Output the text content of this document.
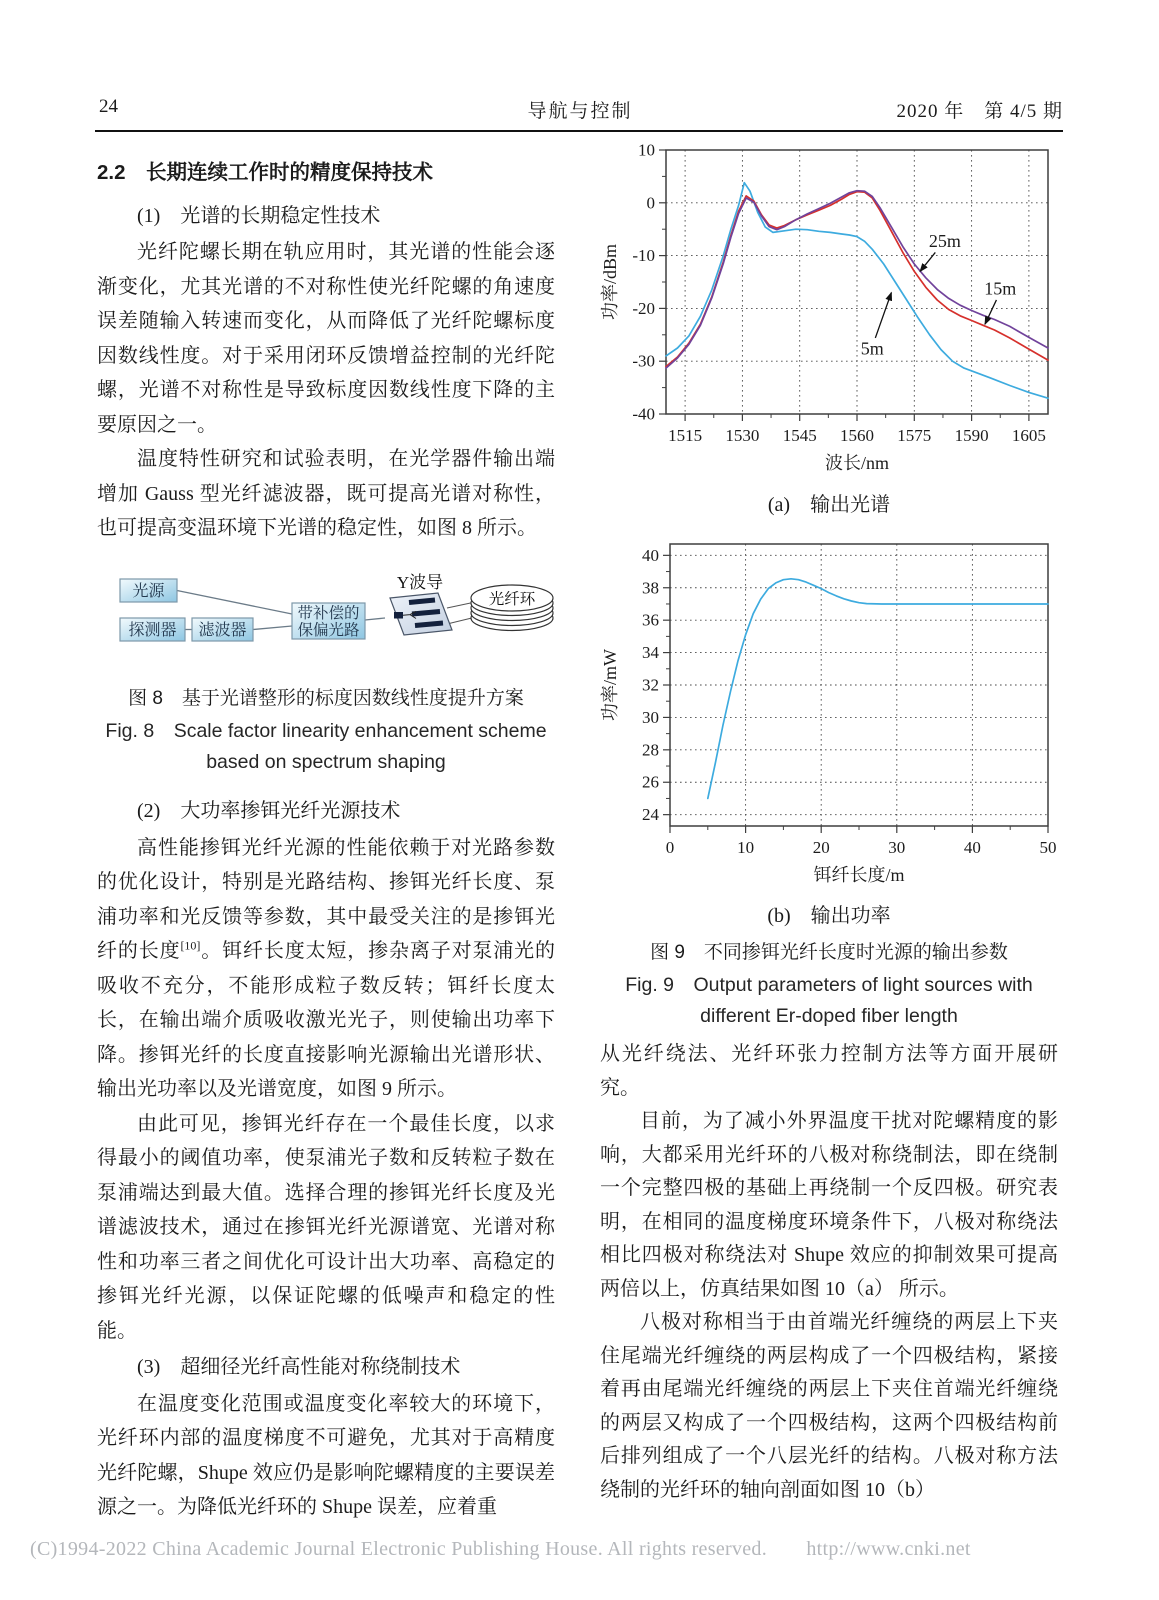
24	导航与控制	2020 年　第 4/5 期

2.2　长期连续工作时的精度保持技术

(1)　光谱的长期稳定性技术

光纤陀螺长期在轨应用时，其光谱的性能会逐渐变化，尤其光谱的不对称性使光纤陀螺的角速度误差随输入转速而变化，从而降低了光纤陀螺标度因数线性度。对于采用闭环反馈增益控制的光纤陀螺，光谱不对称性是导致标度因数线性度下降的主要原因之一。

温度特性研究和试验表明，在光学器件输出端增加 Gauss 型光纤滤波器，既可提高光谱对称性，也可提高变温环境下光谱的稳定性，如图 8 所示。

光源
探测器 滤波器
带补偿的
保偏光路
Y波导
光纤环

图 8　基于光谱整形的标度因数线性度提升方案

Fig. 8　Scale factor linearity enhancement scheme

based on spectrum shaping

(2)　大功率掺铒光纤光源技术

高性能掺铒光纤光源的性能依赖于对光路参数的优化设计，特别是光路结构、掺铒光纤长度、泵浦功率和光反馈等参数，其中最受关注的是掺铒光纤的长度[10]。铒纤长度太短，掺杂离子对泵浦光的吸收不充分，不能形成粒子数反转；铒纤长度太长，在输出端介质吸收激光光子，则使输出功率下降。掺铒光纤的长度直接影响光源输出光谱形状、输出光功率以及光谱宽度，如图 9 所示。

由此可见，掺铒光纤存在一个最佳长度，以求得最小的阈值功率，使泵浦光子数和反转粒子数在泵浦端达到最大值。选择合理的掺铒光纤长度及光谱滤波技术，通过在掺铒光纤光源谱宽、光谱对称性和功率三者之间优化可设计出大功率、高稳定的掺铒光纤光源，以保证陀螺的低噪声和稳定的性能。

(3)　超细径光纤高性能对称绕制技术

在温度变化范围或温度变化率较大的环境下，光纤环内部的温度梯度不可避免，尤其对于高精度光纤陀螺，Shupe 效应仍是影响陀螺精度的主要误差源之一。为降低光纤环的 Shupe 误差，应着重

1515 1530 1545 1560 1575 1590 1605
-40
-30
-20
-10
0
10
波长/nm
功率/dBm
25m
15m
5m

(a)　输出光谱

0	10	20	30	40	50
24
26
28
30
32
34
36
38
40
铒纤长度/m
功率/mW

(b)　输出功率

图 9　不同掺铒光纤长度时光源的输出参数

Fig. 9　Output parameters of light sources with

different Er-doped fiber length

从光纤绕法、光纤环张力控制方法等方面开展研究。

目前，为了减小外界温度干扰对陀螺精度的影响，大都采用光纤环的八极对称绕制法，即在绕制一个完整四极的基础上再绕制一个反四极。研究表明，在相同的温度梯度环境条件下，八极对称绕法相比四极对称绕法对 Shupe 效应的抑制效果可提高两倍以上，仿真结果如图 10（a） 所示。

八极对称相当于由首端光纤缠绕的两层上下夹住尾端光纤缠绕的两层构成了一个四极结构，紧接着再由尾端光纤缠绕的两层上下夹住首端光纤缠绕的两层又构成了一个四极结构，这两个四极结构前后排列组成了一个八层光纤的结构。八极对称方法绕制的光纤环的轴向剖面如图 10（b）

(C)1994-2022 China Academic Journal Electronic Publishing House. All rights reserved. http://www.cnki.net
